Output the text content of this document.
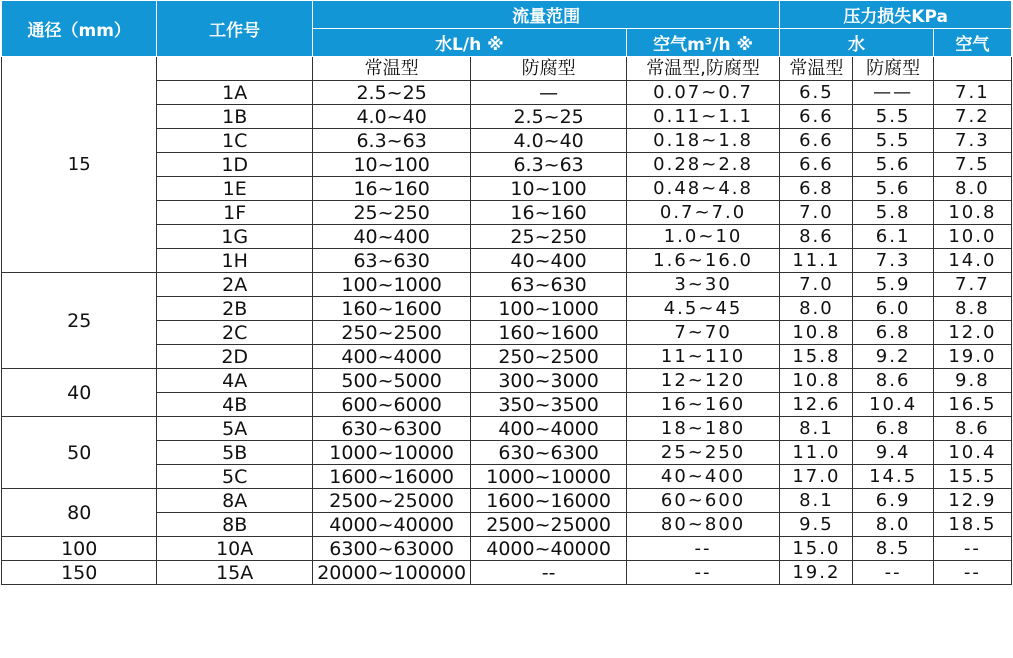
通径（mm）	工作号	流量范围			压力损失KPa		
		水L/h ※		空气m³/h ※	水		空气
15		常温型	防腐型	常温型,防腐型	常温型	防腐型	
	1A	2.5~25	—	0.07~0.7	6.5	——	7.1
	1B	4.0~40	2.5~25	0.11~1.1	6.6	5.5	7.2
	1C	6.3~63	4.0~40	0.18~1.8	6.6	5.5	7.3
	1D	10~100	6.3~63	0.28~2.8	6.6	5.6	7.5
	1E	16~160	10~100	0.48~4.8	6.8	5.6	8.0
	1F	25~250	16~160	0.7~7.0	7.0	5.8	10.8
	1G	40~400	25~250	1.0~10	8.6	6.1	10.0
	1H	63~630	40~400	1.6~16.0	11.1	7.3	14.0
25	2A	100~1000	63~630	3~30	7.0	5.9	7.7
	2B	160~1600	100~1000	4.5~45	8.0	6.0	8.8
	2C	250~2500	160~1600	7~70	10.8	6.8	12.0
	2D	400~4000	250~2500	11~110	15.8	9.2	19.0
40	4A	500~5000	300~3000	12~120	10.8	8.6	9.8
	4B	600~6000	350~3500	16~160	12.6	10.4	16.5
50	5A	630~6300	400~4000	18~180	8.1	6.8	8.6
	5B	1000~10000	630~6300	25~250	11.0	9.4	10.4
	5C	1600~16000	1000~10000	40~400	17.0	14.5	15.5
80	8A	2500~25000	1600~16000	60~600	8.1	6.9	12.9
	8B	4000~40000	2500~25000	80~800	9.5	8.0	18.5
100	10A	6300~63000	4000~40000	--	15.0	8.5	--
150	15A	20000~100000	--	--	19.2	--	--
